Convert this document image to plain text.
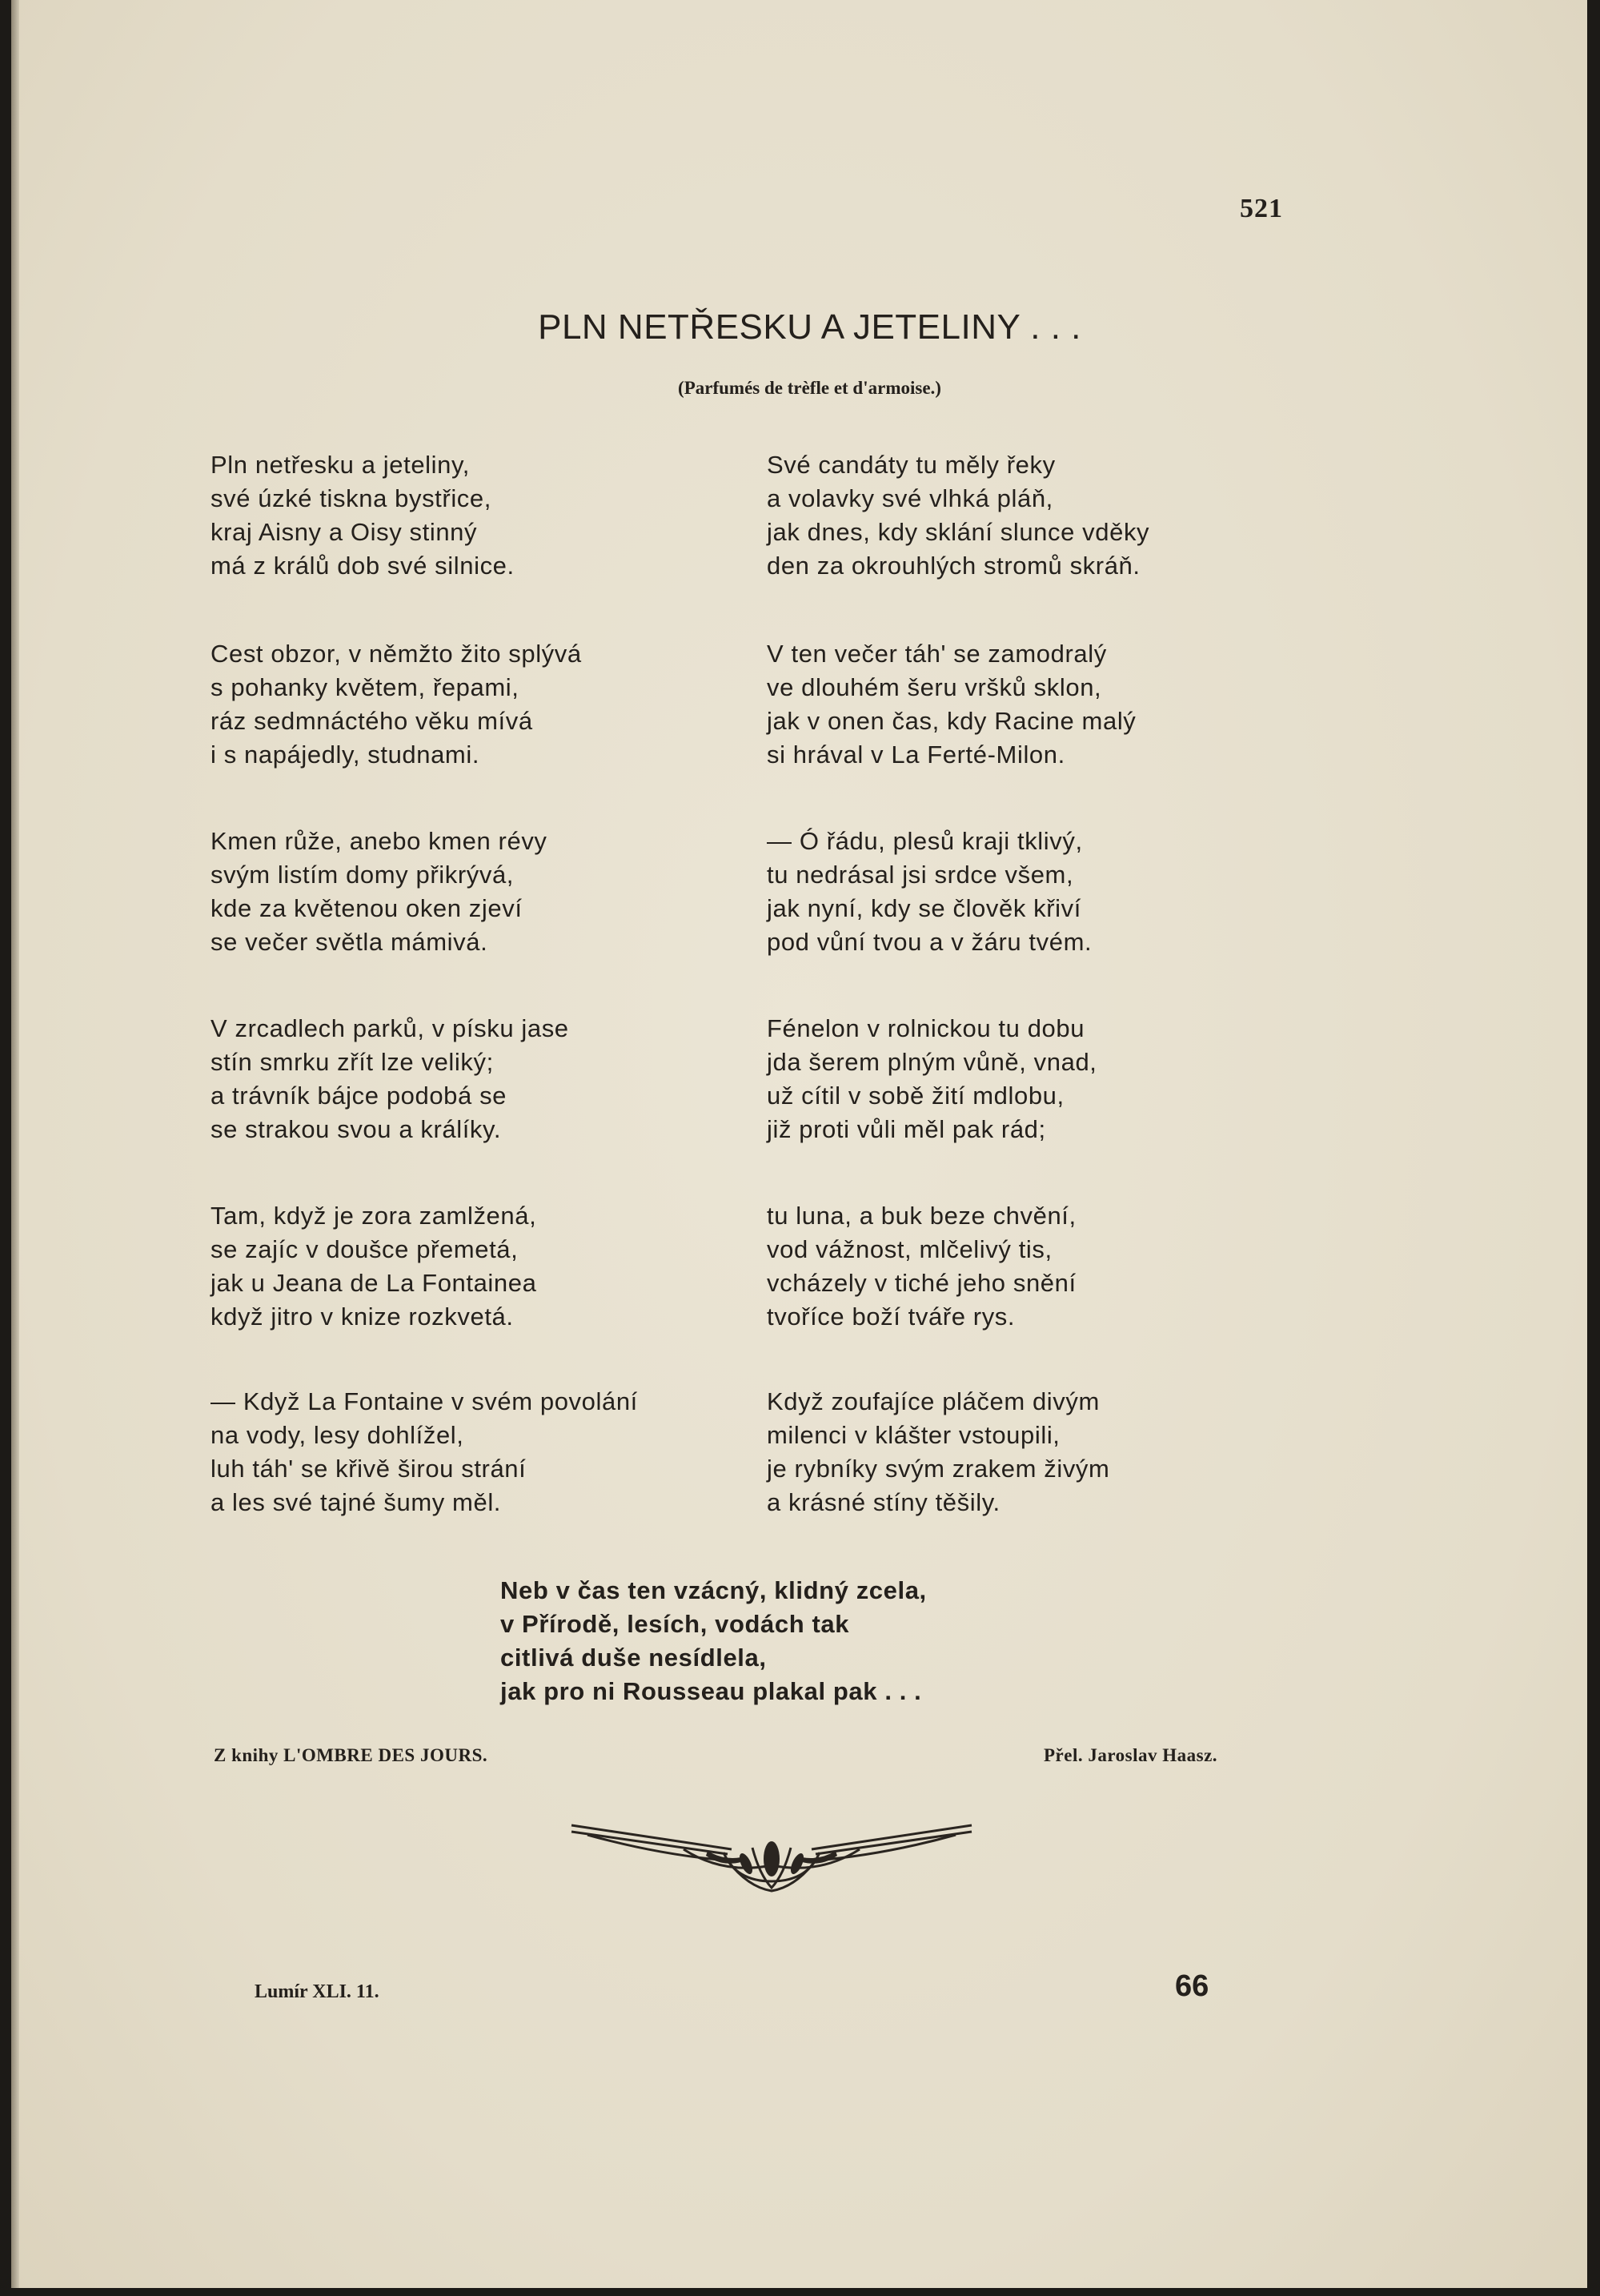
521
PLN NETŘESKU A JETELINY . . .
(Parfumés de trèfle et d'armoise.)
Pln netřesku a jeteliny,
své úzké tiskna bystřice,
kraj Aisny a Oisy stinný
má z králů dob své silnice.
Cest obzor, v němžto žito splývá
s pohanky květem, řepami,
ráz sedmnáctého věku mívá
i s napájedly, studnami.
Kmen růže, anebo kmen révy
svým listím domy přikrývá,
kde za květenou oken zjeví
se večer světla mámivá.
V zrcadlech parků, v písku jase
stín smrku zřít lze veliký;
a trávník bájce podobá se
se strakou svou a králíky.
Tam, když je zora zamlžená,
se zajíc v doušce přemetá,
jak u Jeana de La Fontainea
když jitro v knize rozkvetá.
— Když La Fontaine v svém povolání
na vody, lesy dohlížel,
luh táh' se křivě širou strání
a les své tajné šumy měl.
Své candáty tu měly řeky
a volavky své vlhká pláň,
jak dnes, kdy sklání slunce vděky
den za okrouhlých stromů skráň.
V ten večer táh' se zamodralý
ve dlouhém šeru vršků sklon,
jak v onen čas, kdy Racine malý
si hrával v La Ferté-Milon.
— Ó řádu, plesů kraji tklivý,
tu nedrásal jsi srdce všem,
jak nyní, kdy se člověk křiví
pod vůní tvou a v žáru tvém.
Fénelon v rolnickou tu dobu
jda šerem plným vůně, vnad,
už cítil v sobě žití mdlobu,
již proti vůli měl pak rád;
tu luna, a buk beze chvění,
vod vážnost, mlčelivý tis,
vcházely v tiché jeho snění
tvoříce boží tváře rys.
Když zoufajíce pláčem divým
milenci v klášter vstoupili,
je rybníky svým zrakem živým
a krásné stíny těšily.
Neb v čas ten vzácný, klidný zcela,
v Přírodě, lesích, vodách tak
citlivá duše nesídlela,
jak pro ni Rousseau plakal pak . . .
Z knihy L'OMBRE DES JOURS.	Přel. Jaroslav Haasz.
Lumír XLI. 11.	66
